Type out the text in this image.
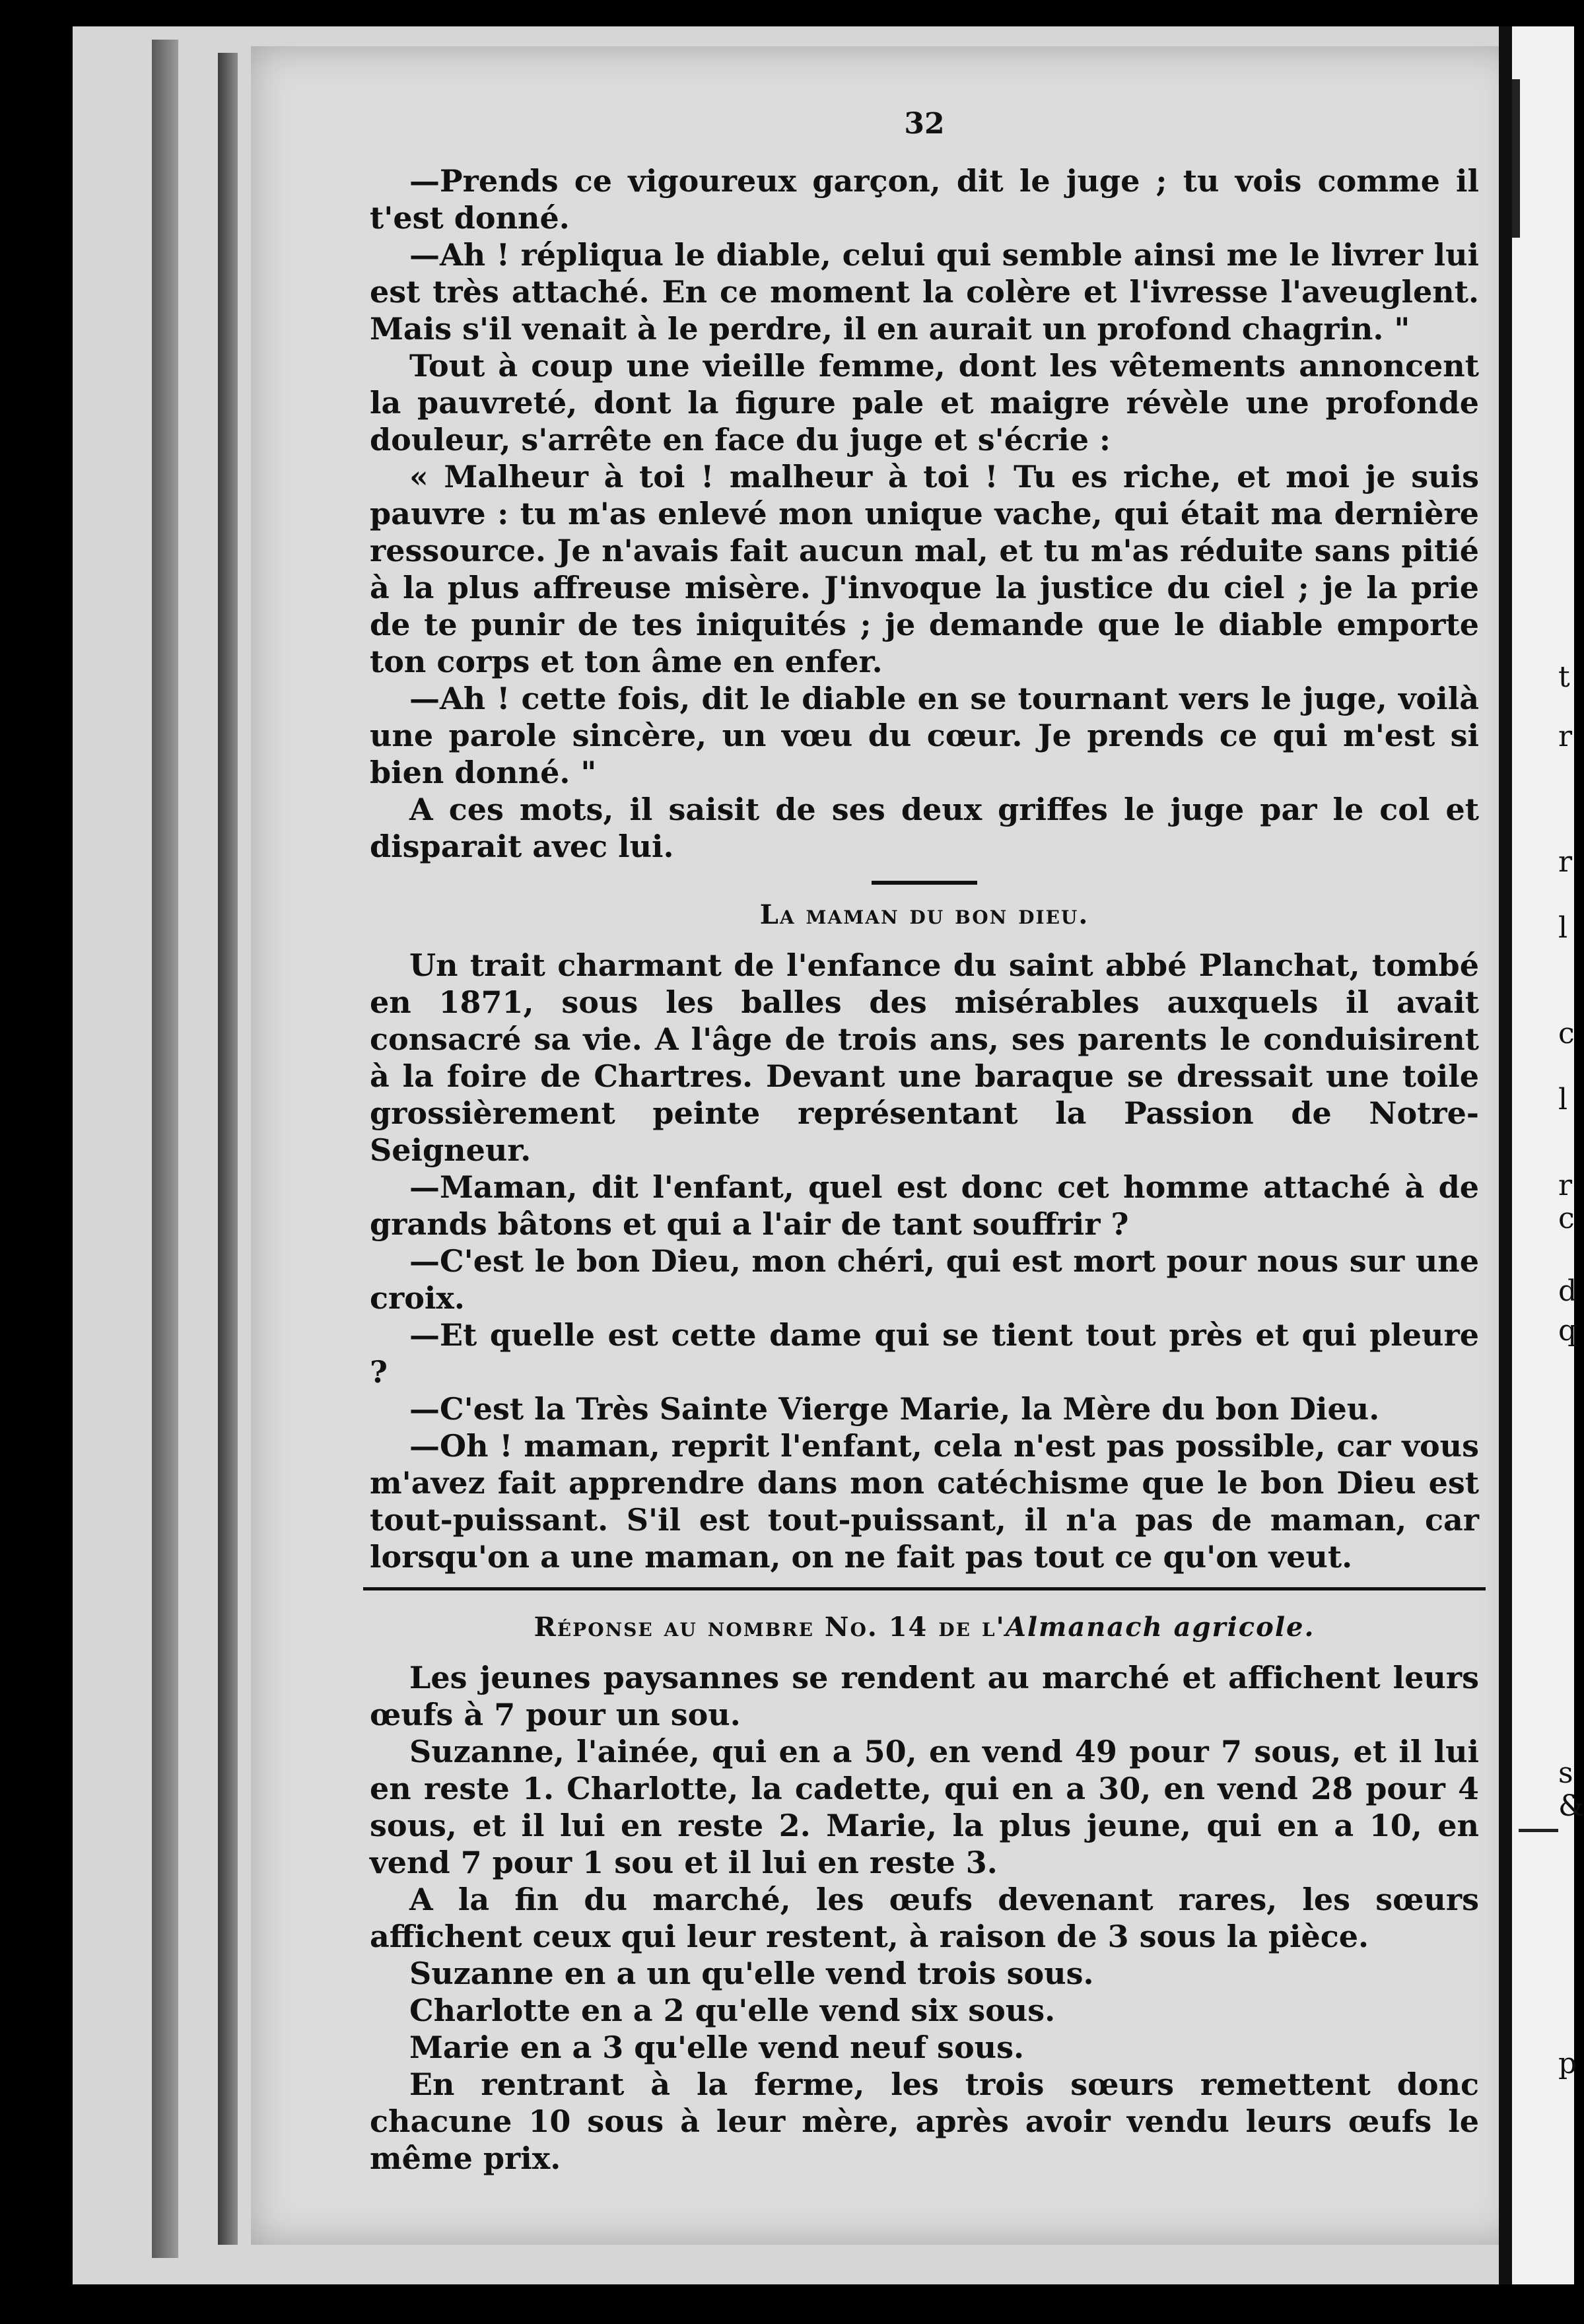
t
r
r
l
c
l
r
c
d
q
s
&
p
32

—Prends ce vigoureux garçon, dit le juge ; tu vois comme il t'est donné.

—Ah ! répliqua le diable, celui qui semble ainsi me le livrer lui est très attaché. En ce moment la colère et l'ivresse l'aveuglent. Mais s'il venait à le perdre, il en aurait un profond chagrin. "

Tout à coup une vieille femme, dont les vêtements annoncent la pauvreté, dont la figure pale et maigre révèle une profonde douleur, s'arrête en face du juge et s'écrie :

« Malheur à toi ! malheur à toi ! Tu es riche, et moi je suis pauvre : tu m'as enlevé mon unique vache, qui était ma dernière ressource. Je n'avais fait aucun mal, et tu m'as réduite sans pitié à la plus affreuse misère. J'invoque la justice du ciel ; je la prie de te punir de tes iniquités ; je demande que le diable emporte ton corps et ton âme en enfer.

—Ah ! cette fois, dit le diable en se tournant vers le juge, voilà une parole sincère, un vœu du cœur. Je prends ce qui m'est si bien donné. "

A ces mots, il saisit de ses deux griffes le juge par le col et disparait avec lui.

La maman du bon dieu.

Un trait charmant de l'enfance du saint abbé Planchat, tombé en 1871, sous les balles des misérables auxquels il avait consacré sa vie. A l'âge de trois ans, ses parents le conduisirent à la foire de Chartres. Devant une baraque se dressait une toile grossièrement peinte représentant la Passion de Notre-Seigneur.

—Maman, dit l'enfant, quel est donc cet homme attaché à de grands bâtons et qui a l'air de tant souffrir ?

—C'est le bon Dieu, mon chéri, qui est mort pour nous sur une croix.

—Et quelle est cette dame qui se tient tout près et qui pleure ?

—C'est la Très Sainte Vierge Marie, la Mère du bon Dieu.

—Oh ! maman, reprit l'enfant, cela n'est pas possible, car vous m'avez fait apprendre dans mon catéchisme que le bon Dieu est tout-puissant. S'il est tout-puissant, il n'a pas de maman, car lorsqu'on a une maman, on ne fait pas tout ce qu'on veut.

Réponse au nombre No. 14 de l'Almanach agricole.

Les jeunes paysannes se rendent au marché et affichent leurs œufs à 7 pour un sou.

Suzanne, l'ainée, qui en a 50, en vend 49 pour 7 sous, et il lui en reste 1. Charlotte, la cadette, qui en a 30, en vend 28 pour 4 sous, et il lui en reste 2. Marie, la plus jeune, qui en a 10, en vend 7 pour 1 sou et il lui en reste 3.

A la fin du marché, les œufs devenant rares, les sœurs affichent ceux qui leur restent, à raison de 3 sous la pièce.

Suzanne en a un qu'elle vend trois sous.

Charlotte en a 2 qu'elle vend six sous.

Marie en a 3 qu'elle vend neuf sous.

En rentrant à la ferme, les trois sœurs remettent donc chacune 10 sous à leur mère, après avoir vendu leurs œufs le même prix.
